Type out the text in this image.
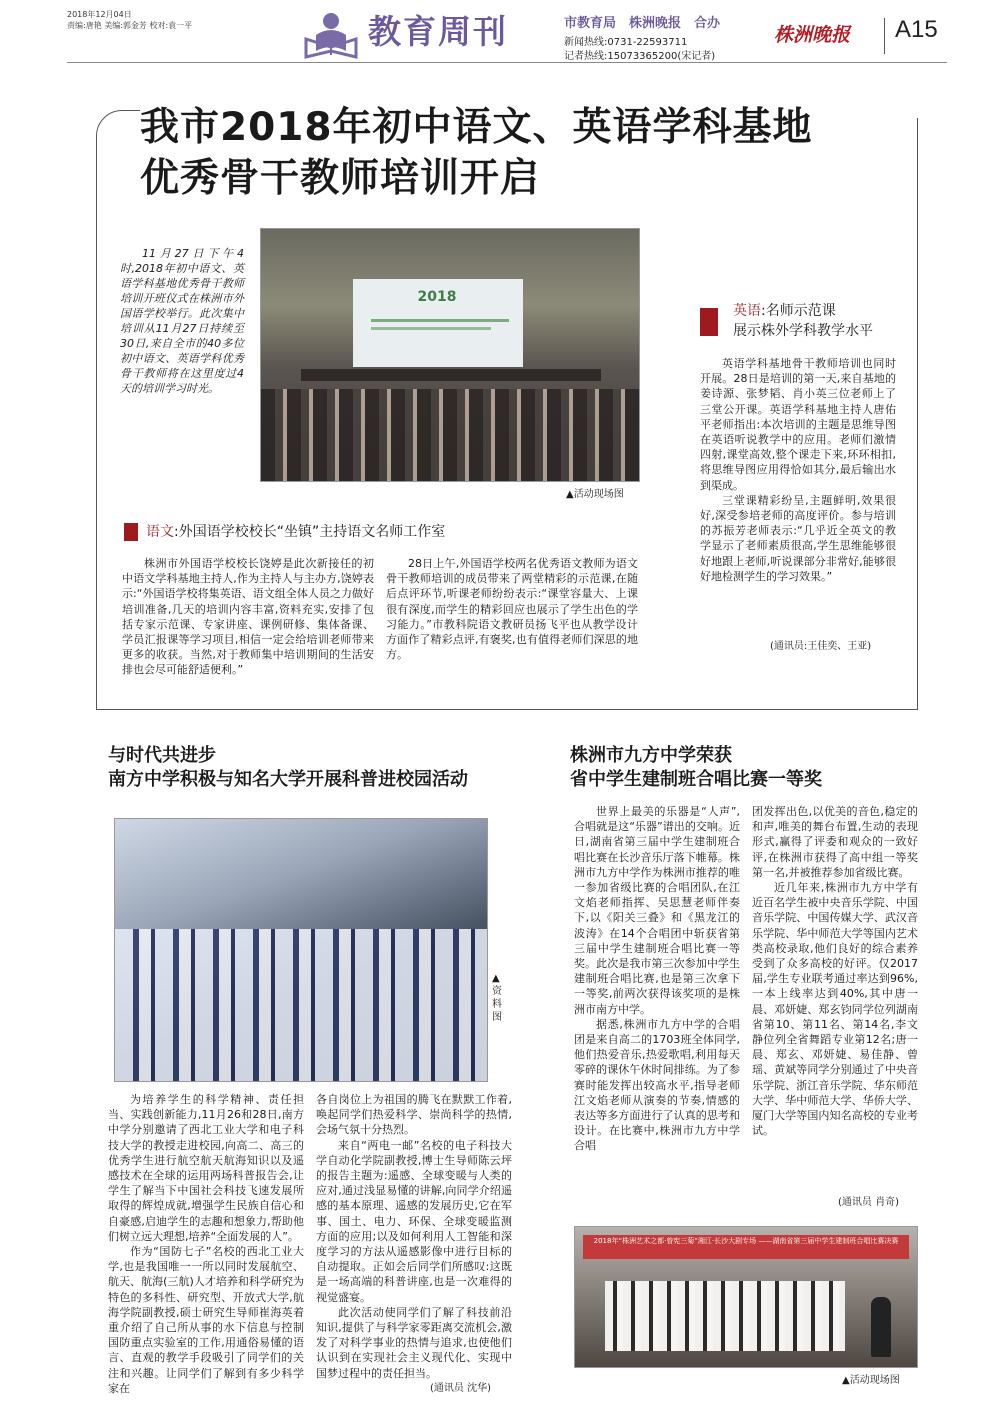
2018年12月04日
责编:唐艳 美编:郭金芳 校对:袁一平	教育周刊	市教育局　株洲晚报　合办
新闻热线:0731-22593711
记者热线:15073365200(宋记者)
株洲晚报 A15
我市2018年初中语文、英语学科基地
优秀骨干教师培训开启
11月27日下午4时,2018年初中语文、英语学科基地优秀骨干教师培训开班仪式在株洲市外国语学校举行。此次集中培训从11月27日持续至30日,来自全市的40多位初中语文、英语学科优秀骨干教师将在这里度过4天的培训学习时光。
2018
▲活动现场图
语文:外国语学校校长“坐镇”主持语文名师工作室

株洲市外国语学校校长饶婷是此次新接任的初中语文学科基地主持人,作为主持人与主办方,饶婷表示:“外国语学校将集英语、语文组全体人员之力做好培训准备,几天的培训内容丰富,资料充实,安排了包括专家示范课、专家讲座、课例研修、集体备课、学员汇报课等学习项目,相信一定会给培训老师带来更多的收获。当然,对于教师集中培训期间的生活安排也会尽可能舒适便利。”

28日上午,外国语学校两名优秀语文教师为语文骨干教师培训的成员带来了两堂精彩的示范课,在随后点评环节,听课老师纷纷表示:“课堂容量大、上课很有深度,而学生的精彩回应也展示了学生出色的学习能力。”市教科院语文教研员扬飞平也从教学设计方面作了精彩点评,有褒奖,也有值得老师们深思的地方。

英语:名师示范课
展示株外学科教学水平

英语学科基地骨干教师培训也同时开展。28日是培训的第一天,来自基地的姜诗源、张梦韬、肖小英三位老师上了三堂公开课。英语学科基地主持人唐佑平老师指出:本次培训的主题是思维导图在英语听说教学中的应用。老师们激情四射,课堂高效,整个课走下来,环环相扣,将思维导图应用得恰如其分,最后输出水到渠成。

三堂课精彩纷呈,主题鲜明,效果很好,深受参培老师的高度评价。参与培训的苏振芳老师表示:“几乎近全英文的教学显示了老师素质很高,学生思维能够很好地跟上老师,听说课部分非常好,能够很好地检测学生的学习效果。”

(通讯员:王佳奕、王亚)
与时代共进步
南方中学积极与知名大学开展科普进校园活动
▲资料图

为培养学生的科学精神、责任担当、实践创新能力,11月26和28日,南方中学分别邀请了西北工业大学和电子科技大学的教授走进校园,向高二、高三的优秀学生进行航空航天航海知识以及遥感技术在全球的运用两场科普报告会,让学生了解当下中国社会科技飞速发展所取得的辉煌成就,增强学生民族自信心和自豪感,启迪学生的志趣和想象力,帮助他们树立远大理想,培养“全面发展的人”。

作为“国防七子”名校的西北工业大学,也是我国唯一一所以同时发展航空、航天、航海(三航)人才培养和科学研究为特色的多科性、研究型、开放式大学,航海学院副教授,硕士研究生导师崔海英着重介绍了自己所从事的水下信息与控制国防重点实验室的工作,用通俗易懂的语言、直观的教学手段吸引了同学们的关注和兴趣。让同学们了解到有多少科学家在

各自岗位上为祖国的腾飞在默默工作着,唤起同学们热爱科学、崇尚科学的热情,会场气氛十分热烈。

来自“两电一邮”名校的电子科技大学自动化学院副教授,博士生导师陈云坪的报告主题为:遥感、全球变暖与人类的应对,通过浅显易懂的讲解,向同学介绍遥感的基本原理、遥感的发展历史,它在军事、国土、电力、环保、全球变暖监测方面的应用;以及如何利用人工智能和深度学习的方法从遥感影像中进行目标的自动提取。正如会后同学们所感叹:这既是一场高端的科普讲座,也是一次难得的视觉盛宴。

此次活动使同学们了解了科技前沿知识,提供了与科学家零距离交流机会,激发了对科学事业的热情与追求,也使他们认识到在实现社会主义现代化、实现中国梦过程中的责任担当。

(通讯员 沈华)
株洲市九方中学荣获
省中学生建制班合唱比赛一等奖

世界上最美的乐器是“人声”,合唱就是这“乐器”谱出的交响。近日,湖南省第三届中学生建制班合唱比赛在长沙音乐厅落下帷幕。株洲市九方中学作为株洲市推荐的唯一参加省级比赛的合唱团队,在江文焰老师指挥、吴思慧老师伴奏下,以《阳关三叠》和《黑龙江的波涛》在14个合唱团中斩获省第三届中学生建制班合唱比赛一等奖。此次是我市第三次参加中学生建制班合唱比赛,也是第三次拿下一等奖,前两次获得该奖项的是株洲市南方中学。

据悉,株洲市九方中学的合唱团是来自高二的1703班全体同学,他们热爱音乐,热爱歌唱,利用每天零碎的课休午休时间排练。为了参赛时能发挥出较高水平,指导老师江文焰老师从演奏的节奏,情感的表达等多方面进行了认真的思考和设计。在比赛中,株洲市九方中学合唱

团发挥出色,以优美的音色,稳定的和声,唯美的舞台布置,生动的表现形式,赢得了评委和观众的一致好评,在株洲市获得了高中组一等奖第一名,并被推荐参加省级比赛。

近几年来,株洲市九方中学有近百名学生被中央音乐学院、中国音乐学院、中国传媒大学、武汉音乐学院、华中师范大学等国内艺术类高校录取,他们良好的综合素养受到了众多高校的好评。仅2017届,学生专业联考通过率达到96%,一本上线率达到40%,其中唐一晨、邓妍婕、郑玄钧同学位列湖南省第10、第11名、第14名,李文静位列全省舞蹈专业第12名;唐一晨、郑玄、邓妍婕、易佳静、曾瑶、黄斌等同学分别通过了中央音乐学院、浙江音乐学院、华东师范大学、华中师范大学、华侨大学、厦门大学等国内知名高校的专业考试。

(通讯员 肖奇)
2018年“株洲艺术之都·曾宪三菊”湘江·长沙大剧专场 ——湖南省第三届中学生建制班合唱比赛决赛
▲活动现场图
